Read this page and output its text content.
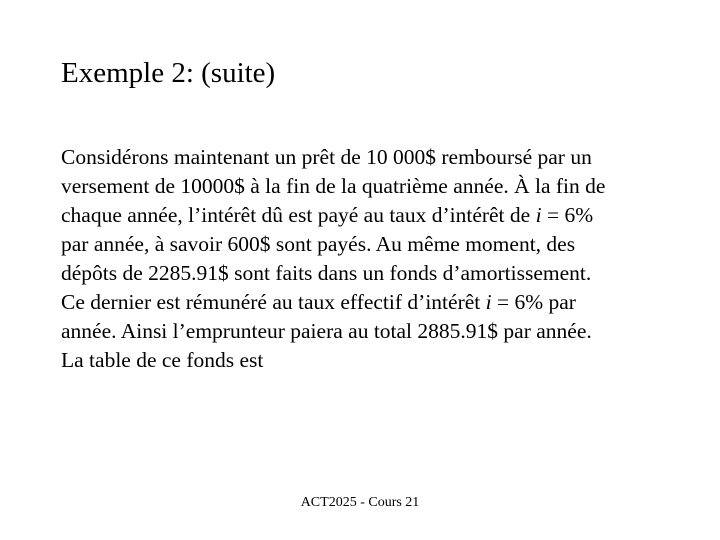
Exemple 2: (suite)
Considérons maintenant un prêt de 10 000$ remboursé par un
versement de 10000$ à la fin de la quatrième année. À la fin de
chaque année, l’intérêt dû est payé au taux d’intérêt de i = 6%
par année, à savoir 600$ sont payés. Au même moment, des
dépôts de 2285.91$ sont faits dans un fonds d’amortissement.
Ce dernier est rémunéré au taux effectif d’intérêt i = 6% par
année. Ainsi l’emprunteur paiera au total 2885.91$ par année.
La table de ce fonds est
ACT2025 - Cours 21
